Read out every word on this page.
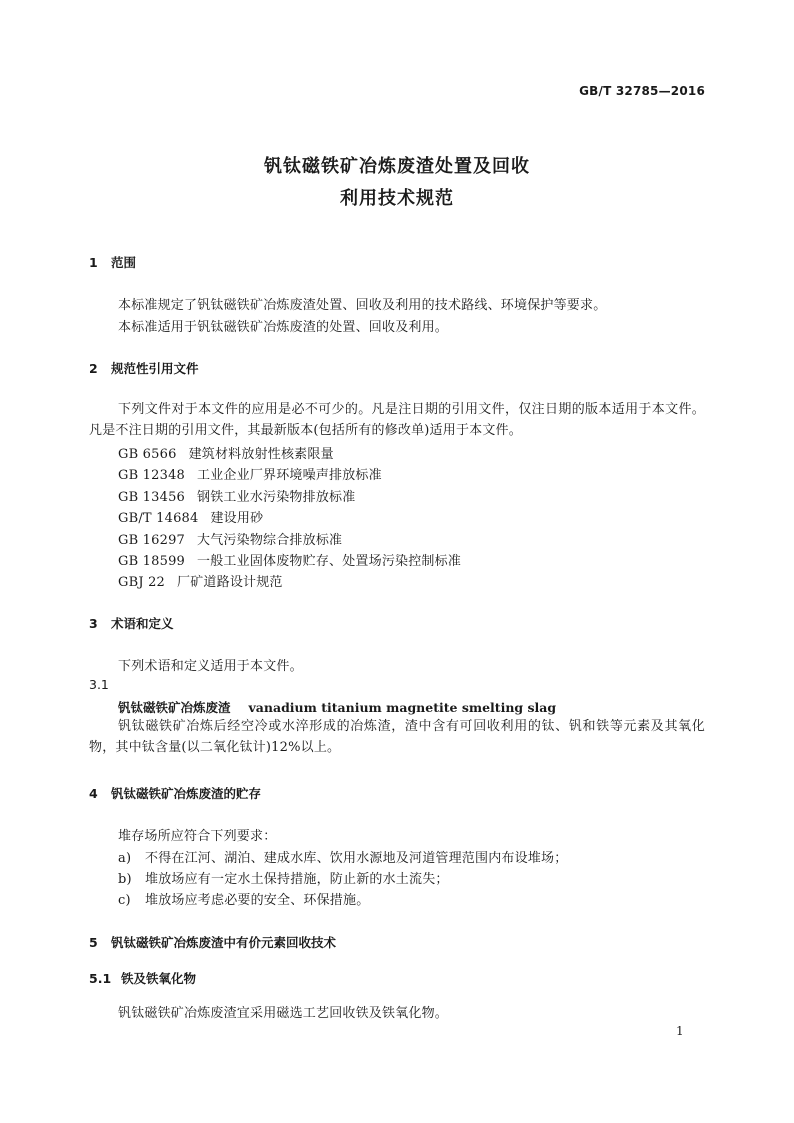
GB/T 32785—2016
钒钛磁铁矿冶炼废渣处置及回收
利用技术规范
1 范围
本标准规定了钒钛磁铁矿冶炼废渣处置、回收及利用的技术路线、环境保护等要求。
本标准适用于钒钛磁铁矿冶炼废渣的处置、回收及利用。
2 规范性引用文件
下列文件对于本文件的应用是必不可少的。凡是注日期的引用文件，仅注日期的版本适用于本文件。凡是不注日期的引用文件，其最新版本(包括所有的修改单)适用于本文件。
GB 6566 建筑材料放射性核素限量
GB 12348 工业企业厂界环境噪声排放标准
GB 13456 钢铁工业水污染物排放标准
GB/T 14684 建设用砂
GB 16297 大气污染物综合排放标准
GB 18599 一般工业固体废物贮存、处置场污染控制标准
GBJ 22 厂矿道路设计规范
3 术语和定义
下列术语和定义适用于本文件。
3.1
钒钛磁铁矿冶炼废渣 vanadium titanium magnetite smelting slag
钒钛磁铁矿冶炼后经空冷或水淬形成的冶炼渣，渣中含有可回收利用的钛、钒和铁等元素及其氧化物，其中钛含量(以二氧化钛计)12%以上。
4 钒钛磁铁矿冶炼废渣的贮存
堆存场所应符合下列要求：
a) 不得在江河、湖泊、建成水库、饮用水源地及河道管理范围内布设堆场；
b) 堆放场应有一定水土保持措施，防止新的水土流失；
c) 堆放场应考虑必要的安全、环保措施。
5 钒钛磁铁矿冶炼废渣中有价元素回收技术
5.1 铁及铁氧化物
钒钛磁铁矿冶炼废渣宜采用磁选工艺回收铁及铁氧化物。
1
